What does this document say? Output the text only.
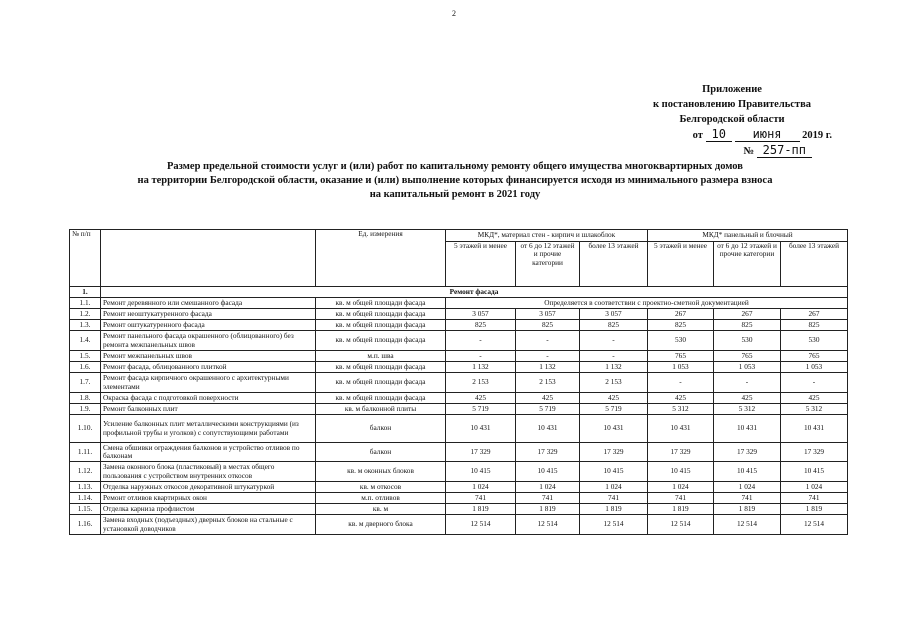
2
Приложение
к постановлению Правительства
Белгородской области
от 10 июня 2019 г.
№ 257-пп
Размер предельной стоимости услуг и (или) работ по капитальному ремонту общего имущества многоквартирных домов
на территории Белгородской области, оказание и (или) выполнение которых финансируется исходя из минимального размера взноса
на капитальный ремонт в 2021 году
№ п/п		Ед. измерения	МКД*, материал стен - кирпич и шлакоблок			МКД* панельный и блочный		
			5 этажей и менее	от 6 до 12 этажей и прочие категории	более 13 этажей	5 этажей и менее	от 6 до 12 этажей и прочие категории	более 13 этажей
1.	Ремонт фасада							
1.1.	Ремонт деревянного или смешанного фасада	кв. м общей площади фасада	Определяется в соответствии с проектно-сметной документацией					
1.2.	Ремонт неоштукатуренного фасада	кв. м общей площади фасада	3 057	3 057	3 057	267	267	267
1.3.	Ремонт оштукатуренного фасада	кв. м общей площади фасада	825	825	825	825	825	825
1.4.	Ремонт панельного фасада окрашенного (облицованного) без ремонта межпанельных швов	кв. м общей площади фасада	-	-	-	530	530	530
1.5.	Ремонт межпанельных швов	м.п. шва	-	-	-	765	765	765
1.6.	Ремонт фасада, облицованного плиткой	кв. м общей площади фасада	1 132	1 132	1 132	1 053	1 053	1 053
1.7.	Ремонт фасада кирпичного окрашенного с архитектурными элементами	кв. м общей площади фасада	2 153	2 153	2 153	-	-	-
1.8.	Окраска фасада с подготовкой поверхности	кв. м общей площади фасада	425	425	425	425	425	425
1.9.	Ремонт балконных плит	кв. м балконной плиты	5 719	5 719	5 719	5 312	5 312	5 312
1.10.	Усиление балконных плит металлическими конструкциями (из профильной трубы и уголков) с сопутствующими работами	балкон	10 431	10 431	10 431	10 431	10 431	10 431
1.11.	Смена обшивки ограждения балконов и устройство отливов по балконам	балкон	17 329	17 329	17 329	17 329	17 329	17 329
1.12.	Замена оконного блока (пластиковый) в местах общего пользования с устройством внутренних откосов	кв. м оконных блоков	10 415	10 415	10 415	10 415	10 415	10 415
1.13.	Отделка наружных откосов декоративной штукатуркой	кв. м откосов	1 024	1 024	1 024	1 024	1 024	1 024
1.14.	Ремонт отливов квартирных окон	м.п. отливов	741	741	741	741	741	741
1.15.	Отделка карниза профлистом	кв. м	1 819	1 819	1 819	1 819	1 819	1 819
1.16.	Замена входных (подъездных) дверных блоков на стальные с установкой доводчиков	кв. м дверного блока	12 514	12 514	12 514	12 514	12 514	12 514
